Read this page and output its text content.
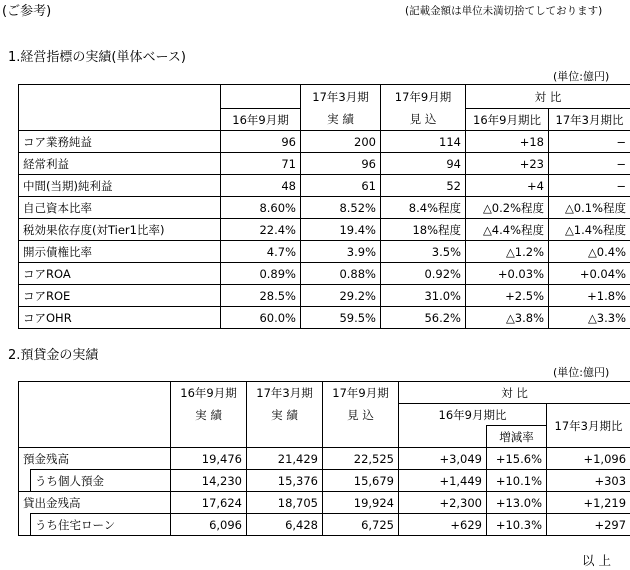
(ご参考)	(記載金額は単位未満切捨てしております)
1.経営指標の実績(単体ベース)
(単位:億円)
		17年3月期	17年9月期	対 比	
	16年9月期	実 績	見 込	16年9月期比	17年3月期比
コア業務純益	96	200	114	+18	−
経常利益	71	96	94	+23	−
中間(当期)純利益	48	61	52	+4	−
自己資本比率	8.60%	8.52%	8.4%程度	△0.2%程度	△0.1%程度
税効果依存度(対Tier1比率)	22.4%	19.4%	18%程度	△4.4%程度	△1.4%程度
開示債権比率	4.7%	3.9%	3.5%	△1.2%	△0.4%
コアROA	0.89%	0.88%	0.92%	+0.03%	+0.04%
コアROE	28.5%	29.2%	31.0%	+2.5%	+1.8%
コアOHR	60.0%	59.5%	56.2%	△3.8%	△3.3%
2.預貸金の実績
(単位:億円)
		16年9月期	17年3月期	17年9月期	対 比		
		実 績	実 績	見 込	16年9月期比		17年3月期比
						増減率	
預金残高		19,476	21,429	22,525	+3,049	+15.6%	+1,096
	うち個人預金	14,230	15,376	15,679	+1,449	+10.1%	+303
貸出金残高		17,624	18,705	19,924	+2,300	+13.0%	+1,219
	うち住宅ローン	6,096	6,428	6,725	+629	+10.3%	+297
以 上
